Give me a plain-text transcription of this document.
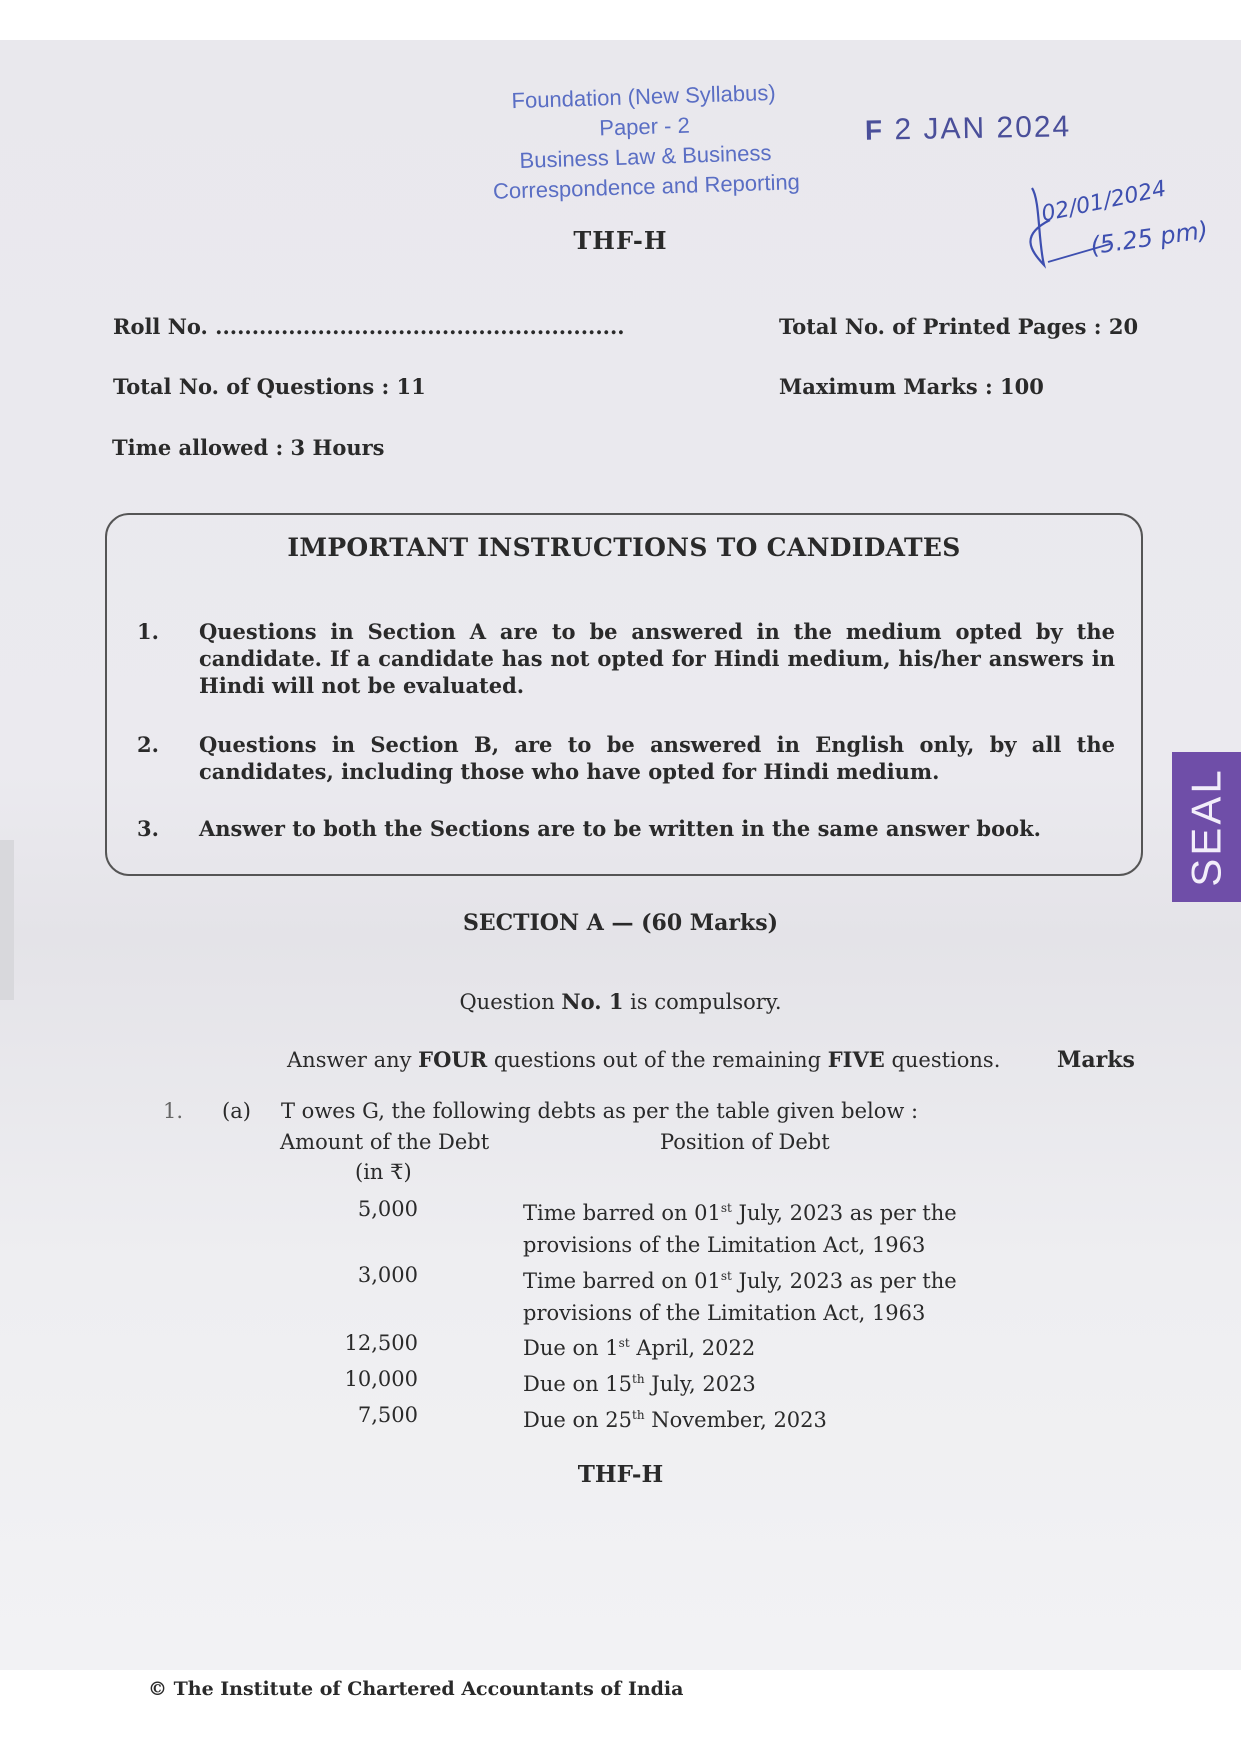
Foundation (New Syllabus)
Paper - 2
Business Law & Business
Correspondence and Reporting
F 2 JAN 2024
02/01/2024
(5.25 pm)
THF-H
Roll No. ........................................................	Total No. of Printed Pages : 20
Total No. of Questions : 11	Maximum Marks : 100
Time allowed : 3 Hours
IMPORTANT INSTRUCTIONS TO CANDIDATES
1. Questions in Section A are to be answered in the medium opted by the candidate. If a candidate has not opted for Hindi medium, his/her answers in Hindi will not be evaluated.
2. Questions in Section B, are to be answered in English only, by all the candidates, including those who have opted for Hindi medium.
3. Answer to both the Sections are to be written in the same answer book.	SEAL
SECTION A — (60 Marks)
Question No. 1 is compulsory.
Answer any FOUR questions out of the remaining FIVE questions.	Marks
1. (a) T owes G, the following debts as per the table given below :
Amount of the Debt
(in ₹)
Position of Debt
5,000	Time barred on 01st July, 2023 as per the
provisions of the Limitation Act, 1963
3,000	Time barred on 01st July, 2023 as per the
provisions of the Limitation Act, 1963
12,500	Due on 1st April, 2022
10,000	Due on 15th July, 2023
7,500	Due on 25th November, 2023
THF-H
© The Institute of Chartered Accountants of India
